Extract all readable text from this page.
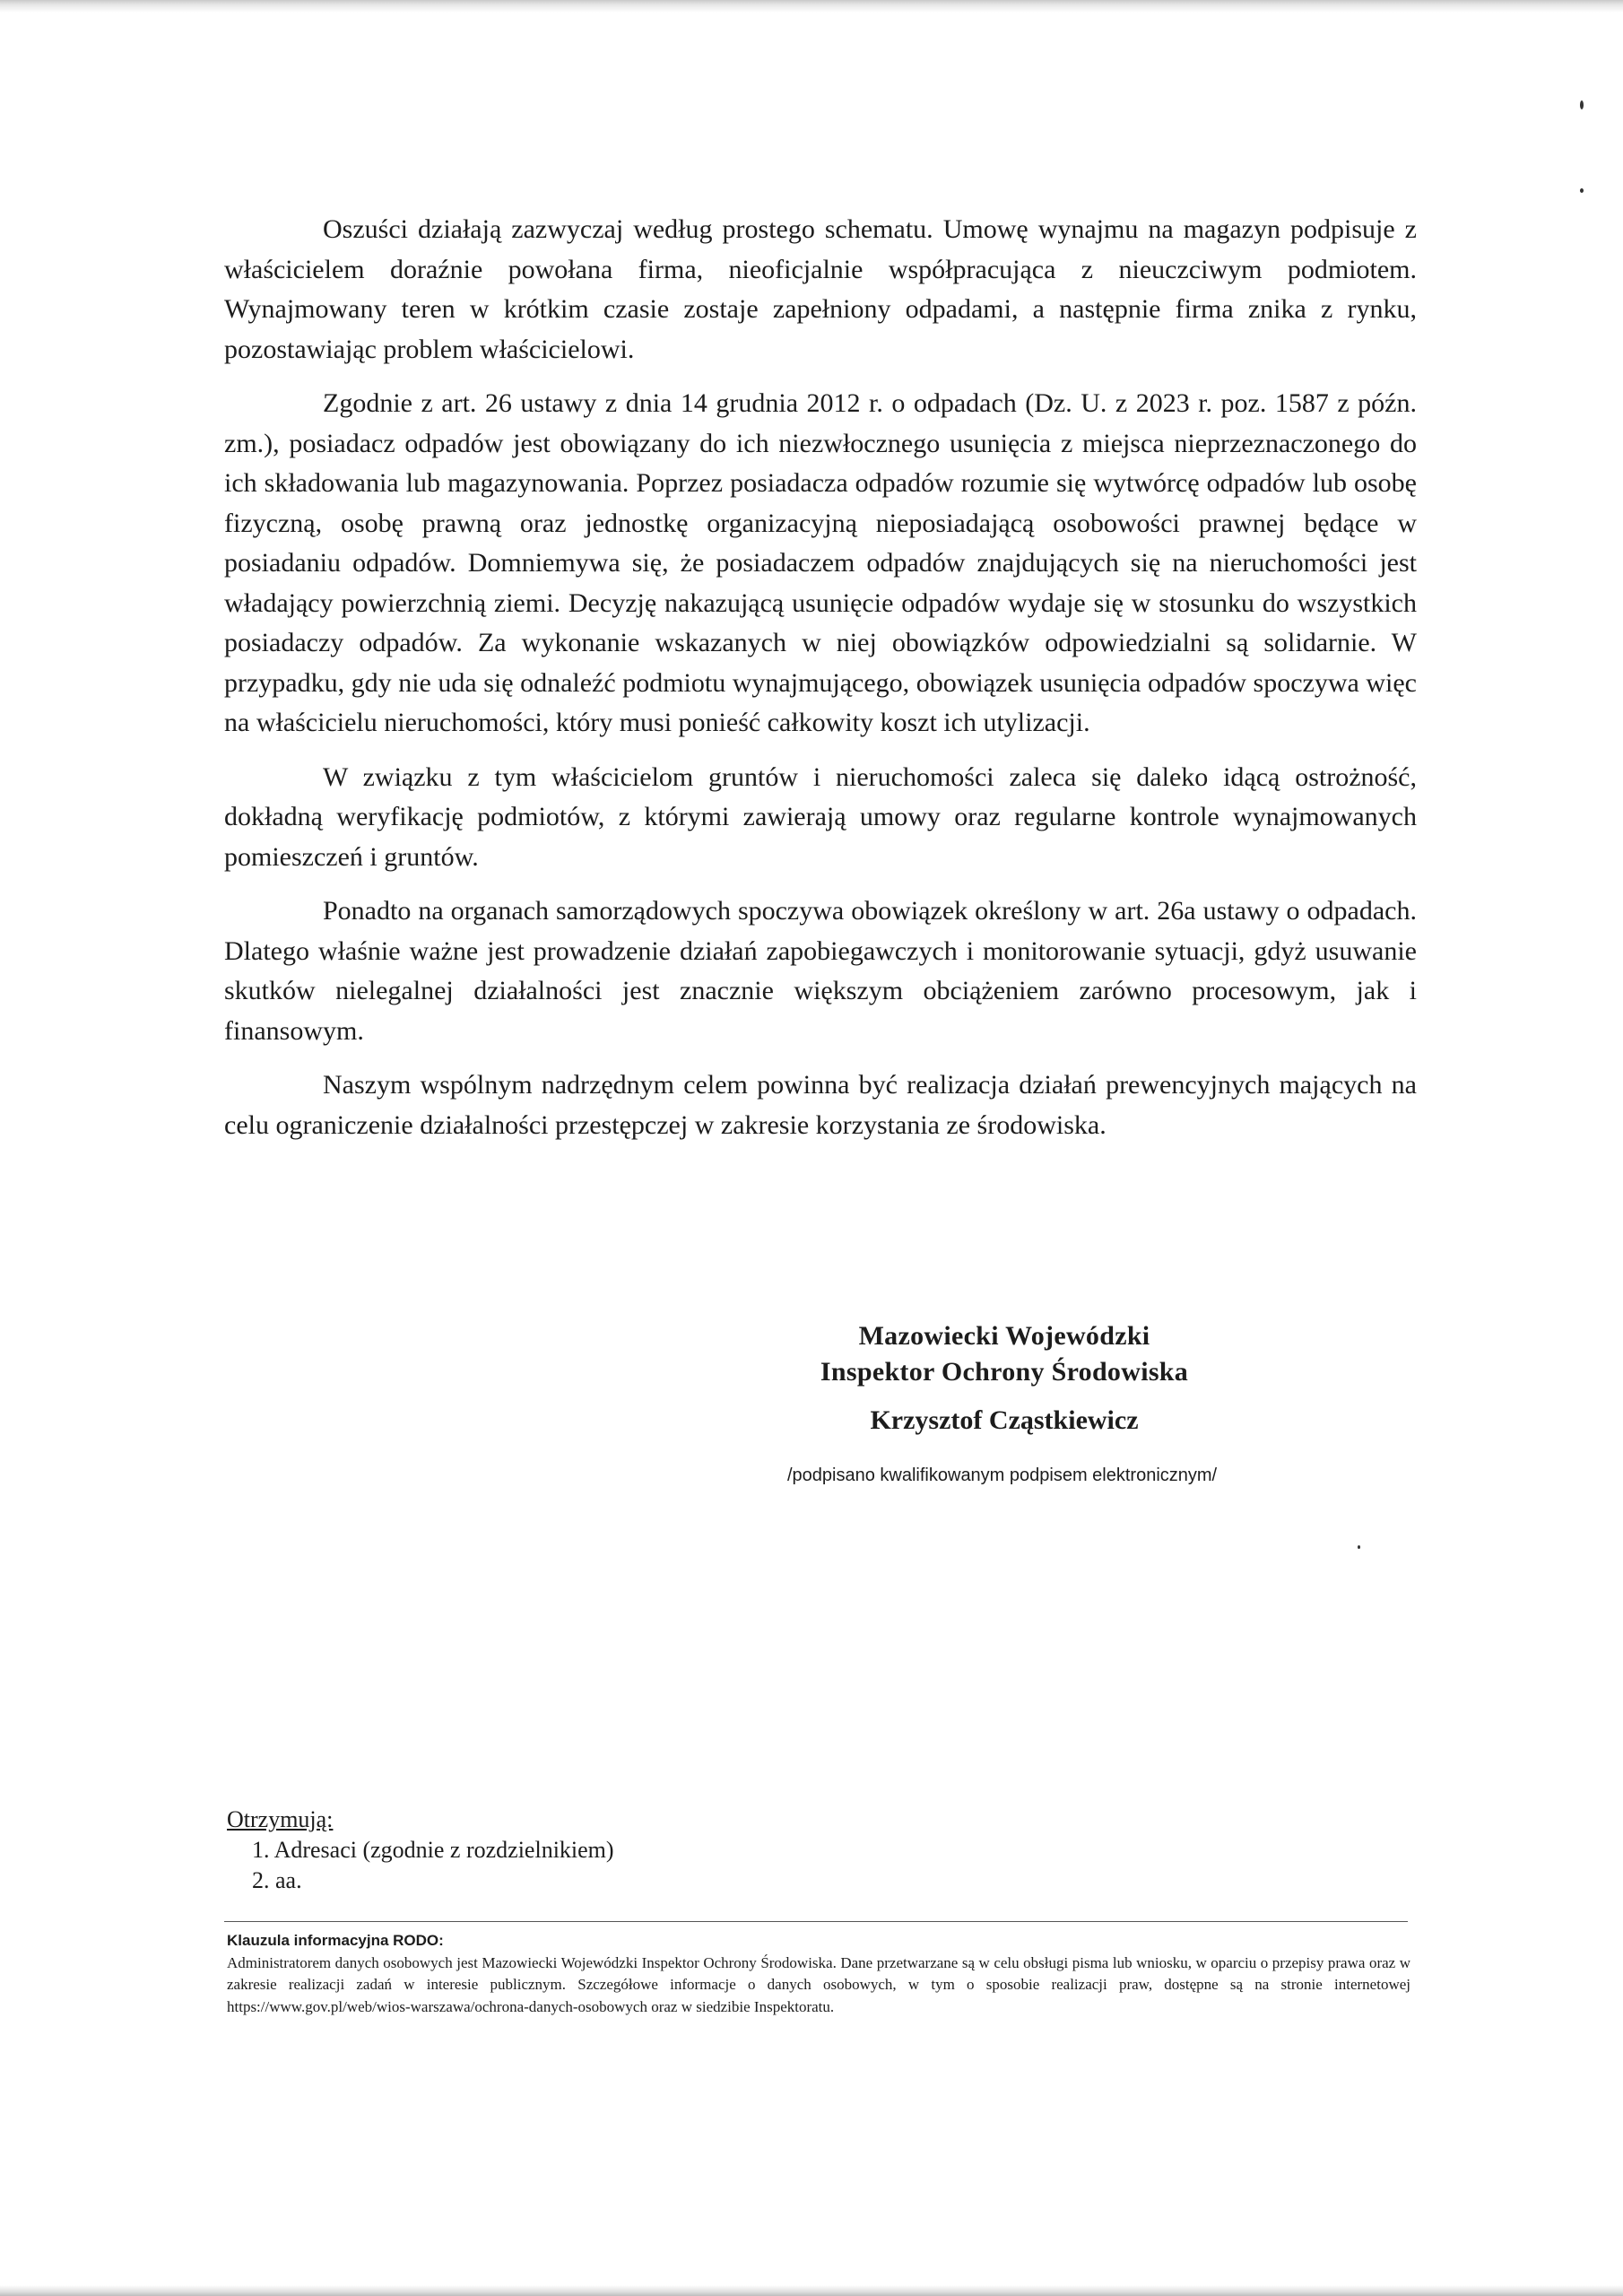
Oszuści działają zazwyczaj według prostego schematu. Umowę wynajmu na magazyn podpisuje z właścicielem doraźnie powołana firma, nieoficjalnie współpracująca z nieuczciwym podmiotem. Wynajmowany teren w krótkim czasie zostaje zapełniony odpadami, a następnie firma znika z rynku, pozostawiając problem właścicielowi.

Zgodnie z art. 26 ustawy z dnia 14 grudnia 2012 r. o odpadach (Dz. U. z 2023 r. poz. 1587 z późn. zm.), posiadacz odpadów jest obowiązany do ich niezwłocznego usunięcia z miejsca nieprzeznaczonego do ich składowania lub magazynowania. Poprzez posiadacza odpadów rozumie się wytwórcę odpadów lub osobę fizyczną, osobę prawną oraz jednostkę organizacyjną nieposiadającą osobowości prawnej będące w posiadaniu odpadów. Domniemywa się, że posiadaczem odpadów znajdujących się na nieruchomości jest władający powierzchnią ziemi. Decyzję nakazującą usunięcie odpadów wydaje się w stosunku do wszystkich posiadaczy odpadów. Za wykonanie wskazanych w niej obowiązków odpowiedzialni są solidarnie. W przypadku, gdy nie uda się odnaleźć podmiotu wynajmującego, obowiązek usunięcia odpadów spoczywa więc na właścicielu nieruchomości, który musi ponieść całkowity koszt ich utylizacji.

W związku z tym właścicielom gruntów i nieruchomości zaleca się daleko idącą ostrożność, dokładną weryfikację podmiotów, z którymi zawierają umowy oraz regularne kontrole wynajmowanych pomieszczeń i gruntów.

Ponadto na organach samorządowych spoczywa obowiązek określony w art. 26a ustawy o odpadach. Dlatego właśnie ważne jest prowadzenie działań zapobiegawczych i monitorowanie sytuacji, gdyż usuwanie skutków nielegalnej działalności jest znacznie większym obciążeniem zarówno procesowym, jak i finansowym.

Naszym wspólnym nadrzędnym celem powinna być realizacja działań prewencyjnych mających na celu ograniczenie działalności przestępczej w zakresie korzystania ze środowiska.

Mazowiecki Wojewódzki
Inspektor Ochrony Środowiska
Krzysztof Cząstkiewicz
/podpisano kwalifikowanym podpisem elektronicznym/
Otrzymują:
1. Adresaci (zgodnie z rozdzielnikiem)
2. aa.
Klauzula informacyjna RODO:
Administratorem danych osobowych jest Mazowiecki Wojewódzki Inspektor Ochrony Środowiska. Dane przetwarzane są w celu obsługi pisma lub wniosku, w oparciu o przepisy prawa oraz w zakresie realizacji zadań w interesie publicznym. Szczegółowe informacje o danych osobowych, w tym o sposobie realizacji praw, dostępne są na stronie internetowej https://www.gov.pl/web/wios-warszawa/ochrona-danych-osobowych oraz w siedzibie Inspektoratu.
